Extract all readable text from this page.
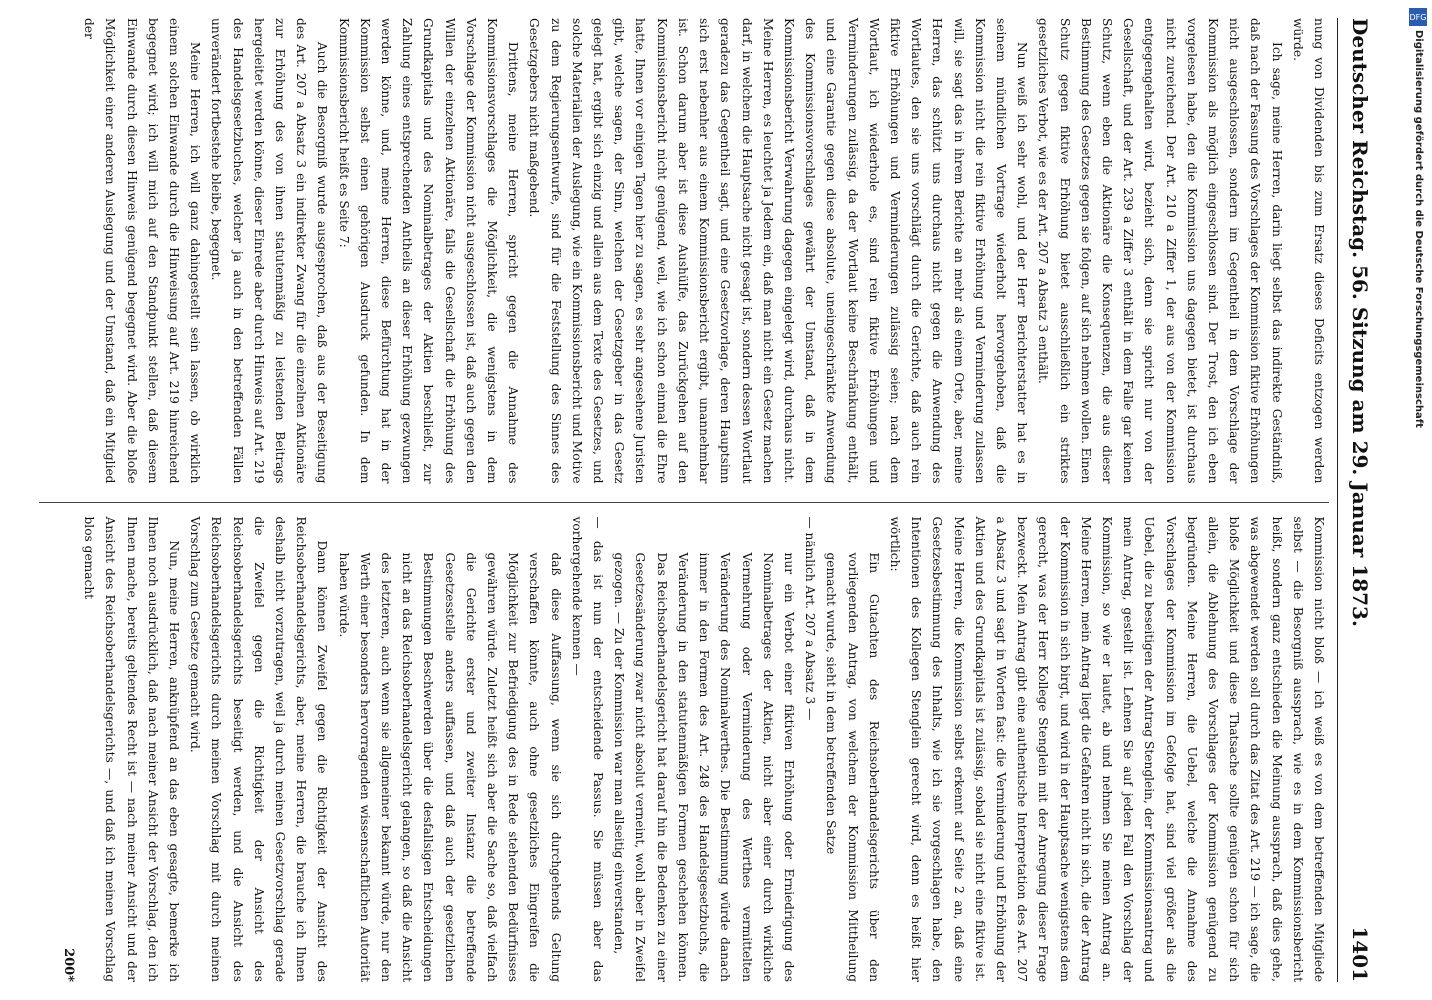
Deutscher Reichstag. 56. Sitzung am 29. Januar 1873.
1401

nung von Dividenden bis zum Ersatz dieses Deficits entzogen werden würde.

Ich sage, meine Herren, darin liegt selbst das indirekte Geständniß, daß nach der Fassung des Vorschlages der Kommission fiktive Erhöhungen nicht ausgeschlossen, sondern im Gegentheil in dem Vorschlage der Kommission als möglich eingeschlossen sind. Der Trost, den ich eben vorgelesen habe, den die Kommission uns dagegen bietet, ist durchaus nicht zureichend. Der Art. 210 a Ziffer 1, der aus von der Kommission entgegengehalten wird, bezieht sich, denn sie spricht nur von der Gesellschaft, und der Art. 239 a Ziffer 3 enthält in dem Falle gar keinen Schutz, wenn eben die Aktionäre die Konsequenzen, die aus dieser Bestimmung des Gesetzes gegen sie folgen, auf sich nehmen wollen. Einen Schutz gegen fiktive Erhöhung bietet ausschließlich ein striktes gesetzliches Verbot, wie es der Art. 207 a Absatz 3 enthält.

Nun weiß ich sehr wohl, und der Herr Berichterstatter hat es in seinem mündlichen Vortrage wiederholt hervorgehoben, daß die Kommission nicht die rein fiktive Erhöhung und Verminderung zulassen will, sie sagt das in ihrem Berichte an mehr als einem Orte, aber, meine Herren, das schützt uns durchaus nicht gegen die Anwendung des Wortlautes, den sie uns vorschlägt durch die Gerichte, daß auch rein fiktive Erhöhungen und Verminderungen zulässig seien; nach dem Wortlaut, ich wiederhole es, sind rein fiktive Erhöhungen und Verminderungen zulässig, da der Wortlaut keine Beschränkung enthält, und eine Garantie gegen diese absolute, uneingeschränkte Anwendung des Kommissionsvorschlages gewährt der Umstand, daß in dem Kommissionsbericht Verwahrung dagegen eingelegt wird, durchaus nicht. Meine Herren, es leuchtet ja Jedem ein, daß man nicht ein Gesetz machen darf, in welchem die Hauptsache nicht gesagt ist, sondern dessen Wortlaut geradezu das Gegentheil sagt, und eine Gesetzvorlage, deren Hauptsinn sich erst nebenher aus einem Kommissionsbericht ergibt, unannehmbar ist. Schon darum aber ist diese Aushülfe, das Zurückgehen auf den Kommissionsbericht nicht genügend, weil, wie ich schon einmal die Ehre hatte, Ihnen vor einigen Tagen hier zu sagen, es sehr angesehene Juristen gibt, welche sagen, der Sinn, welchen der Gesetzgeber in das Gesetz gelegt hat, ergibt sich einzig und allein aus dem Texte des Gesetzes, und solche Materialien der Auslegung, wie ein Kommissionsbericht und Motive zu dem Regierungsentwurfe, sind für die Feststellung des Sinnes des Gesetzgebers nicht maßgebend.

Drittens, meine Herren, spricht gegen die Annahme des Kommissionsvorschlages die Möglichkeit, die wenigstens in dem Vorschlage der Kommission nicht ausgeschlossen ist, daß auch gegen den Willen der einzelnen Aktionäre, falls die Gesellschaft die Erhöhung des Grundkapitals und des Nominalbetrages der Aktien beschließt, zur Zahlung eines entsprechenden Antheils an dieser Erhöhung gezwungen werden könne, und, meine Herren, diese Befürchtung hat in der Kommission selbst einen gehörigen Ausdruck gefunden. In dem Kommissionsbericht heißt es Seite 7:

Auch die Besorgniß wurde ausgesprochen, daß aus der Beseitigung des Art. 207 a Absatz 3 ein indirekter Zwang für die einzelnen Aktionäre zur Erhöhung des von ihnen statutenmäßig zu leistenden Beitrags hergeleitet werden könne, dieser Einrede aber durch Hinweis auf Art. 219 des Handelsgesetzbuches, welcher ja auch in den betreffenden Fällen unverändert fortbestehe bleibe, begegnet.

Meine Herren, ich will ganz dahingestellt sein lassen, ob wirklich einem solchen Einwande durch die Hinweisung auf Art. 219 hinreichend begegnet wird; ich will mich auf den Standpunkt stellen, daß diesem Einwande durch diesen Hinweis genügend begegnet wird. Aber die bloße Möglichkeit einer anderen Auslegung und der Umstand, daß ein Mitglied der

Kommission nicht bloß — ich weiß es von dem betreffenden Mitgliede selbst — die Besorgniß aussprach, wie es in dem Kommissionsbericht heißt, sondern ganz entschieden die Meinung aussprach, daß dies gehe, was abgewendet werden soll durch das Zitat des Art. 219 — ich sage, die bloße Möglichkeit und diese Thatsache sollte genügen schon für sich allein, die Ablehnung des Vorschlages der Kommission genügend zu begründen. Meine Herren, die Uebel, welche die Annahme des Vorschlages der Kommission im Gefolge hat, sind viel größer als die Uebel, die zu beseitigen der Antrag Stenglein, der Kommissionsantrag und mein Antrag, gestellt ist. Lehnen Sie auf jeden Fall den Vorschlag der Kommission, so wie er lautet, ab und nehmen Sie meinen Antrag an. Meine Herren, mein Antrag liegt die Gefahren nicht in sich, die der Antrag der Kommission in sich birgt, und wird in der Hauptsache wenigstens dem gerecht, was der Herr Kollege Stenglein mit der Anregung dieser Frage bezweckt. Mein Antrag gibt eine authentische Interpretation des Art. 207 a Absatz 3 und sagt in Worten fast: die Verminderung und Erhöhung der Aktien und des Grundkapitals ist zulässig, sobald sie nicht eine fiktive ist. Meine Herren, die Kommission selbst erkennt auf Seite 2 an, daß eine Gesetzesbestimmung des Inhalts, wie ich sie vorgeschlagen habe, den Intentionen des Kollegen Stenglein gerecht wird, denn es heißt hier wörtlich:

Ein Gutachten des Reichsoberhandelsgerichts über den vorliegenden Antrag, von welchem der Kommission Mittheilung gemacht wurde, sieht in dem betreffenden Satze

— nämlich Art. 207 a Absatz 3 —

nur ein Verbot einer fiktiven Erhöhung oder Erniedrigung des Nominalbetrages der Aktien, nicht aber einer durch wirkliche Vermehrung oder Verminderung des Werthes vermittelten Veränderung des Nominalwerthes. Die Bestimmung würde danach immer in den Formen des Art. 248 des Handelsgesetzbuchs, die Veränderung in den statutenmäßigen Formen geschehen können. Das Reichsoberhandelsgericht hat darauf hin die Bedenken zu einer Gesetzesänderung zwar nicht absolut verneint, wohl aber in Zweifel gezogen. — Zu der Kommission war man allseitig einverstanden,

— das ist nun der entscheidende Passus. Sie müssen aber das vorhergehende kennen —

daß diese Auffassung, wenn sie sich durchgehends Geltung verschaffen könnte, auch ohne gesetzliches Eingreifen die Möglichkeit zur Befriedigung des in Rede stehenden Bedürfnisses gewähren würde. Zuletzt heißt sich aber die Sache so, daß vielfach die Gerichte erster und zweiter Instanz die betreffende Gesetzesstelle anders auffassen, und daß auch der gesetzlichen Bestimmungen Beschwerden über die desfallsigen Entscheidungen nicht an das Reichsoberhandelsgericht gelangen, so daß die Ansicht des letzteren, auch wenn sie allgemeiner bekannt würde, nur den Werth einer besonders hervorragenden wissenschaftlichen Autorität haben würde.

Dann können Zweifel gegen die Richtigkeit der Ansicht des Reichsoberhandelsgerichts, aber, meine Herren, die brauche ich Ihnen deshalb nicht vorzutragen, weil ja durch meinen Gesetzvorschlag gerade die Zweifel gegen die Richtigkeit der Ansicht des Reichsoberhandelsgerichts beseitigt werden, und die Ansicht des Reichsoberhandelsgerichts durch meinen Vorschlag mit durch meinen Vorschlag zum Gesetze gemacht wird.

Nun, meine Herren, anknüpfend an das eben gesagte, bemerke ich Ihnen noch ausdrücklich, daß nach meiner Ansicht der Vorschlag, den ich Ihnen mache, bereits geltendes Recht ist — nach meiner Ansicht und der Ansicht des Reichsoberhandelsgerichts —, und daß ich meinen Vorschlag blos gemacht

200*
DFG
Digitalisierung gefördert durch die Deutsche Forschungsgemeinschaft
